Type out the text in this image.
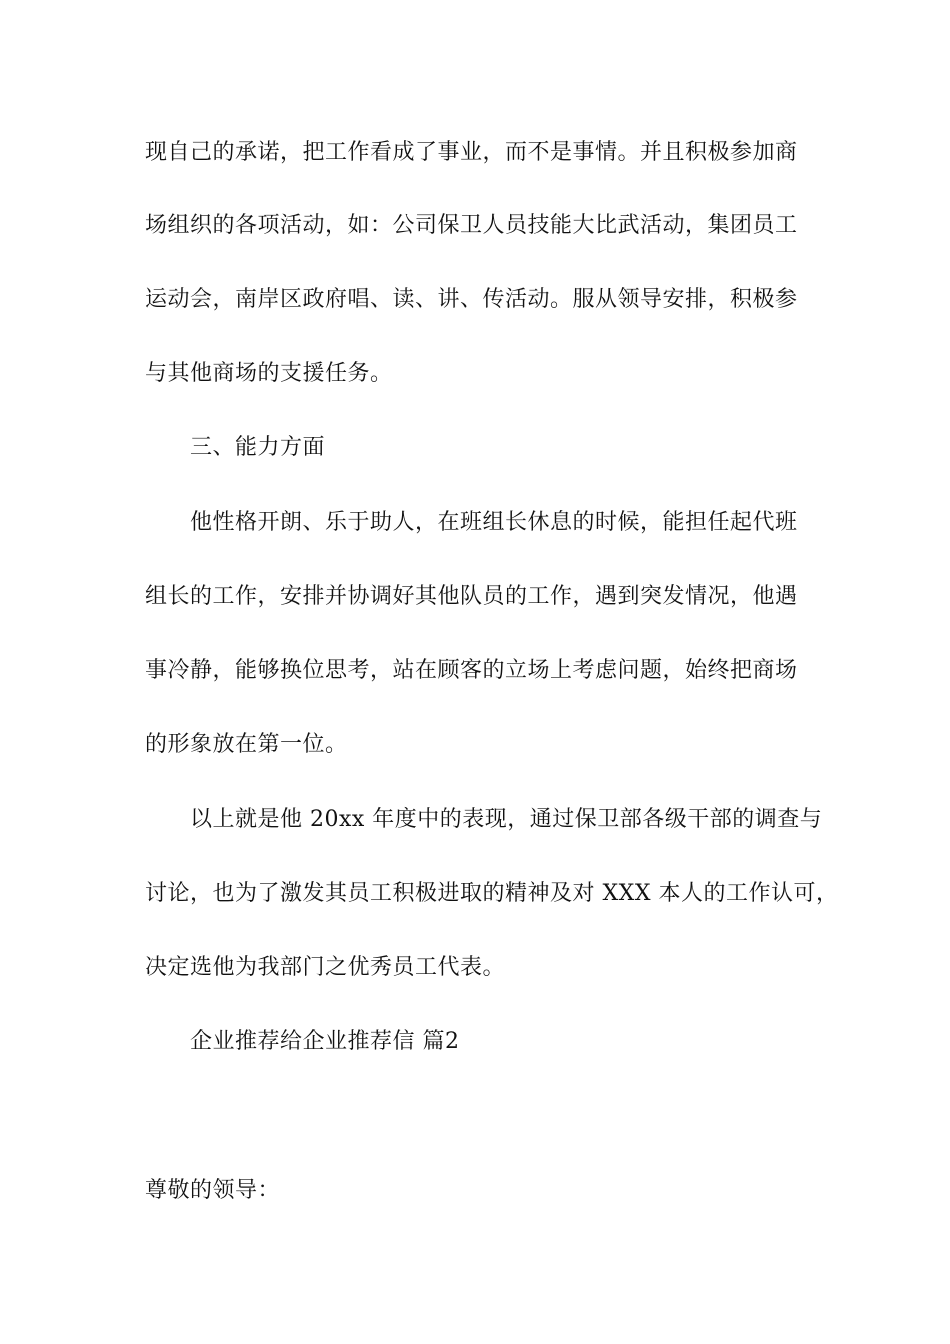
现自己的承诺，把工作看成了事业，而不是事情。并且积极参加商
场组织的各项活动，如：公司保卫人员技能大比武活动，集团员工
运动会，南岸区政府唱、读、讲、传活动。服从领导安排，积极参
与其他商场的支援任务。
三、能力方面
他性格开朗、乐于助人，在班组长休息的时候，能担任起代班
组长的工作，安排并协调好其他队员的工作，遇到突发情况，他遇
事冷静，能够换位思考，站在顾客的立场上考虑问题，始终把商场
的形象放在第一位。
以上就是他 20xx 年度中的表现，通过保卫部各级干部的调查与
讨论，也为了激发其员工积极进取的精神及对 XXX 本人的工作认可，
决定选他为我部门之优秀员工代表。
企业推荐给企业推荐信 篇2
尊敬的领导：
